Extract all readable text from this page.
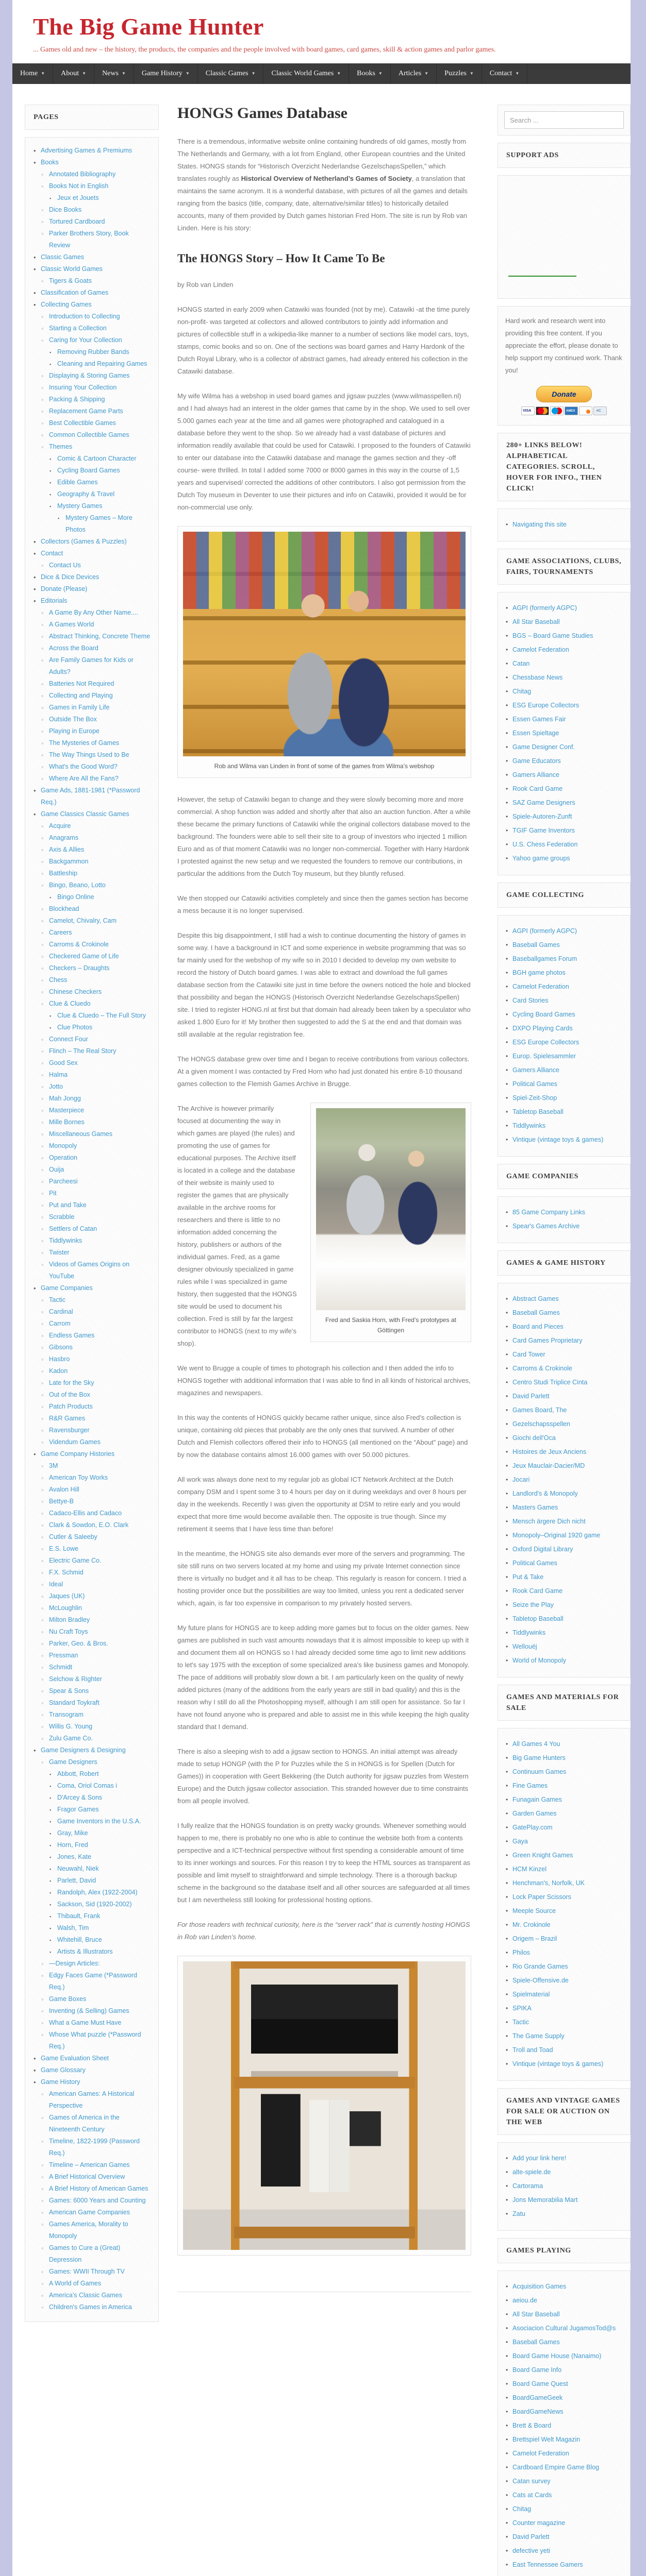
The Big Game Hunter
... Games old and new – the history, the products, the companies and the people involved with board games, card games, skill & action games and parlor games.
Home ▼ About ▼ News ▼ Game History ▼ Classic Games ▼ Classic World Games ▼ Books ▼ Articles ▼ Puzzles ▼ Contact ▼
PAGES
• Advertising Games & Premiums
• Books
◦ Annotated Bibliography
◦ Books Not in English
▪ Jeux et Jouets
◦ Dice Books
◦ Tortured Cardboard
◦ Parker Brothers Story, Book Review
• Classic Games
• Classic World Games
◦ Tigers & Goats
• Classification of Games
• Collecting Games
◦ Introduction to Collecting
◦ Starting a Collection
◦ Caring for Your Collection
▪ Removing Rubber Bands
▪ Cleaning and Repairing Games
◦ Displaying & Storing Games
◦ Insuring Your Collection
◦ Packing & Shipping
◦ Replacement Game Parts
◦ Best Collectible Games
◦ Common Collectible Games
◦ Themes
▪ Comic & Cartoon Character
▪ Cycling Board Games
▪ Edible Games
▪ Geography & Travel
▪ Mystery Games
▪ Mystery Games – More Photos
• Collectors (Games & Puzzles)
• Contact
◦ Contact Us
• Dice & Dice Devices
• Donate (Please)
• Editorials
◦ A Game By Any Other Name....
◦ A Games World
◦ Abstract Thinking, Concrete Theme
◦ Across the Board
◦ Are Family Games for Kids or Adults?
◦ Batteries Not Required
◦ Collecting and Playing
◦ Games in Family Life
◦ Outside The Box
◦ Playing in Europe
◦ The Mysteries of Games
◦ The Way Things Used to Be
◦ What's the Good Word?
◦ Where Are All the Fans?
• Game Ads, 1881-1981 (*Password Req.)
• Game Classics Classic Games
◦ Acquire
◦ Anagrams
◦ Axis & Allies
◦ Backgammon
◦ Battleship
◦ Bingo, Beano, Lotto
▪ Bingo Online
◦ Blockhead
◦ Camelot, Chivalry, Cam
◦ Careers
◦ Carroms & Crokinole
◦ Checkered Game of Life
◦ Checkers – Draughts
◦ Chess
◦ Chinese Checkers
◦ Clue & Cluedo
▪ Clue & Cluedo – The Full Story
▪ Clue Photos
◦ Connect Four
◦ Flinch – The Real Story
◦ Good Sex
◦ Halma
◦ Jotto
◦ Mah Jongg
◦ Masterpiece
◦ Mille Bornes
◦ Miscellaneous Games
◦ Monopoly
◦ Operation
◦ Ouija
◦ Parcheesi
◦ Pit
◦ Put and Take
◦ Scrabble
◦ Settlers of Catan
◦ Tiddlywinks
◦ Twister
◦ Videos of Games Origins on YouTube
• Game Companies
◦ Tactic
◦ Cardinal
◦ Carrom
◦ Endless Games
◦ Gibsons
◦ Hasbro
◦ Kadon
◦ Late for the Sky
◦ Out of the Box
◦ Patch Products
◦ R&R Games
◦ Ravensburger
◦ Videndum Games
• Game Company Histories
◦ 3M
◦ American Toy Works
◦ Avalon Hill
◦ Bettye-B
◦ Cadaco-Ellis and Cadaco
◦ Clark & Sowdon, E.O. Clark
◦ Cutler & Saleeby
◦ E.S. Lowe
◦ Electric Game Co.
◦ F.X. Schmid
◦ Ideal
◦ Jaques (UK)
◦ McLoughlin
◦ Milton Bradley
◦ Nu Craft Toys
◦ Parker, Geo. & Bros.
◦ Pressman
◦ Schmidt
◦ Selchow & Righter
◦ Spear & Sons
◦ Standard Toykraft
◦ Transogram
◦ Willis G. Young
◦ Zulu Game Co.
• Game Designers & Designing
◦ Game Designers
▪ Abbott, Robert
▪ Coma, Oriol Comas i
▪ D'Arcey & Sons
▪ Fragor Games
▪ Game Inventors in the U.S.A.
▪ Gray, Mike
▪ Horn, Fred
▪ Jones, Kate
▪ Neuwahl, Niek
▪ Parlett, David
▪ Randolph, Alex (1922-2004)
▪ Sackson, Sid (1920-2002)
▪ Thibault, Frank
▪ Walsh, Tim
▪ Whitehill, Bruce
▪ Artists & Illustrators
◦ —Design Articles:
◦ Edgy Faces Game (*Password Req.)
◦ Game Boxes
◦ Inventing (& Selling) Games
◦ What a Game Must Have
◦ Whose What puzzle (*Password Req.)
• Game Evaluation Sheet
• Game Glossary
• Game History
◦ American Games: A Historical Perspective
◦ Games of America in the Nineteenth Century
◦ Timeline, 1822-1999 (Password Req.)
◦ Timeline – American Games
◦ A Brief Historical Overview
◦ A Brief History of American Games
◦ Games: 6000 Years and Counting
◦ American Game Companies
◦ Games America, Morality to Monopoly
◦ Games to Cure a (Great) Depression
◦ Games: WWII Through TV
◦ A World of Games
◦ America's Classic Games
◦ Children's Games in America
HONGS Games Database

There is a tremendous, informative website online containing hundreds of old games, mostly from The Netherlands and Germany, with a lot from England, other European countries and the United States. HONGS stands for “Historisch Overzicht Nederlandse GezelschapsSpellen,” which translates roughly as Historical Overview of Netherland’s Games of Society, a translation that maintains the same acronym. It is a wonderful database, with pictures of all the games and details ranging from the basics (title, company, date, alternative/similar titles) to historically detailed accounts, many of them provided by Dutch games historian Fred Horn. The site is run by Rob van Linden. Here is his story:

The HONGS Story – How It Came To Be

by Rob van Linden

HONGS started in early 2009 when Catawiki was founded (not by me). Catawiki -at the time purely non-profit- was targeted at collectors and allowed contributors to jointly add information and pictures of collectible stuff in a wikipedia-like manner to a number of sections like model cars, toys, stamps, comic books and so on. One of the sections was board games and Harry Hardonk of the Dutch Royal Library, who is a collector of abstract games, had already entered his collection in the Catawiki database.

My wife Wilma has a webshop in used board games and jigsaw puzzles (www.wilmasspellen.nl) and I had always had an interest in the older games that came by in the shop. We used to sell over 5.000 games each year at the time and all games were photographed and catalogued in a database before they went to the shop. So we already had a vast database of pictures and information readily available that could be used for Catawiki. I proposed to the founders of Catawiki to enter our database into the Catawiki database and manage the games section and they -off course- were thrilled. In total I added some 7000 or 8000 games in this way in the course of 1,5 years and supervised/ corrected the additions of other contributors. I also got permission from the Dutch Toy museum in Deventer to use their pictures and info on Catawiki, provided it would be for non-commercial use only.

Rob and Wilma van Linden in front of some of the games from Wilma’s webshop

However, the setup of Catawiki began to change and they were slowly becoming more and more commercial. A shop function was added and shortly after that also an auction function. After a while these became the primary functions of Catawiki while the original collectors database moved to the background. The founders were able to sell their site to a group of investors who injected 1 million Euro and as of that moment Catawiki was no longer non-commercial. Together with Harry Hardonk I protested against the new setup and we requested the founders to remove our contributions, in particular the additions from the Dutch Toy museum, but they bluntly refused.

We then stopped our Catawiki activities completely and since then the games section has become a mess because it is no longer supervised.

Despite this big disappointment, I still had a wish to continue documenting the history of games in some way. I have a background in ICT and some experience in website programming that was so far mainly used for the webshop of my wife so in 2010 I decided to develop my own website to record the history of Dutch board games. I was able to extract and download the full games database section from the Catawiki site just in time before the owners noticed the hole and blocked that possibility and began the HONGS (Historisch Overzicht Nederlandse GezelschapsSpellen) site. I tried to register HONG.nl at first but that domain had already been taken by a speculator who asked 1.800 Euro for it! My brother then suggested to add the S at the end and that domain was still available at the regular registration fee.

The HONGS database grew over time and I began to receive contributions from various collectors. At a given moment I was contacted by Fred Horn who had just donated his entire 8-10 thousand games collection to the Flemish Games Archive in Brugge.

Fred and Saskia Horn, with Fred’s prototypes at Göttingen

The Archive is however primarily focused at documenting the way in which games are played (the rules) and promoting the use of games for educational purposes. The Archive itself is located in a college and the database of their website is mainly used to register the games that are physically available in the archive rooms for researchers and there is little to no information added concerning the history, publishers or authors of the individual games. Fred, as a game designer obviously specialized in game rules while I was specialized in game history, then suggested that the HONGS site would be used to document his collection. Fred is still by far the largest contributor to HONGS (next to my wife’s shop).

We went to Brugge a couple of times to photograph his collection and I then added the info to HONGS together with additional information that I was able to find in all kinds of historical archives, magazines and newspapers.

In this way the contents of HONGS quickly became rather unique, since also Fred’s collection is unique, containing old pieces that probably are the only ones that survived. A number of other Dutch and Flemish collectors offered their info to HONGS (all mentioned on the “About” page) and by now the database contains almost 16.000 games with over 50.000 pictures.

All work was always done next to my regular job as global ICT Network Architect at the Dutch company DSM and I spent some 3 to 4 hours per day on it during weekdays and over 8 hours per day in the weekends. Recently I was given the opportunity at DSM to retire early and you would expect that more time would become available then. The opposite is true though. Since my retirement it seems that I have less time than before!

In the meantime, the HONGS site also demands ever more of the servers and programming. The site still runs on two servers located at my home and using my private Internet connection since there is virtually no budget and it all has to be cheap. This regularly is reason for concern. I tried a hosting provider once but the possibilities are way too limited, unless you rent a dedicated server which, again, is far too expensive in comparison to my privately hosted servers.

My future plans for HONGS are to keep adding more games but to focus on the older games. New games are published in such vast amounts nowadays that it is almost impossible to keep up with it and document them all on HONGS so I had already decided some time ago to limit new additions to let's say 1975 with the exception of some specialized area's like business games and Monopoly. The pace of additions will probably slow down a bit. I am particularly keen on the quality of newly added pictures (many of the additions from the early years are still in bad quality) and this is the reason why I still do all the Photoshopping myself, although I am still open for assistance. So far I have not found anyone who is prepared and able to assist me in this while keeping the high quality standard that I demand.

There is also a sleeping wish to add a jigsaw section to HONGS. An initial attempt was already made to setup HONGP (with the P for Puzzles while the S in HONGS is for Spellen (Dutch for Games)) in cooperation with Geert Bekkering (the Dutch authority for jigsaw puzzles from Western Europe) and the Dutch jigsaw collector association. This stranded however due to time constraints from all people involved.

I fully realize that the HONGS foundation is on pretty wacky grounds. Whenever something would happen to me, there is probably no one who is able to continue the website both from a contents perspective and a ICT-technical perspective without first spending a considerable amount of time to its inner workings and sources. For this reason I try to keep the HTML sources as transparent as possible and limit myself to straightforward and simple technology. There is a thorough backup scheme in the background so the database itself and all other sources are safeguarded at all times but I am nevertheless still looking for professional hosting options.

For those readers with technical curiosity, here is the “server rack” that is currently hosting HONGS in Rob van Linden’s home.

Search ...
SUPPORT ADS
Hard work and research went into providing this free content. If you appreciate the effort, please donate to help support my continued work. Thank you!
Donate
VISAAMEXeC
280+ LINKS BELOW! ALPHABETICAL CATEGORIES. SCROLL, HOVER FOR INFO., THEN CLICK!
• Navigating this site
GAME ASSOCIATIONS, CLUBS, FAIRS, TOURNAMENTS
• AGPI (formerly AGPC)
• All Star Baseball
• BGS – Board Game Studies
• Camelot Federation
• Catan
• Chessbase News
• Chitag
• ESG Europe Collectors
• Essen Games Fair
• Essen Spieltage
• Game Designer Conf.
• Game Educators
• Gamers Alliance
• Rook Card Game
• SAZ Game Designers
• Spiele-Autoren-Zunft
• TGIF Game Inventors
• U.S. Chess Federation
• Yahoo game groups
GAME COLLECTING
• AGPI (formerly AGPC)
• Baseball Games
• Baseballgames Forum
• BGH game photos
• Camelot Federation
• Card Stories
• Cycling Board Games
• DXPO Playing Cards
• ESG Europe Collectors
• Europ. Spielesammler
• Gamers Alliance
• Political Games
• Spiel-Zeit-Shop
• Tabletop Baseball
• Tiddlywinks
• Vintique (vintage toys & games)
GAME COMPANIES
• 85 Game Company Links
• Spear's Games Archive
GAMES & GAME HISTORY
• Abstract Games
• Baseball Games
• Board and Pieces
• Card Games Proprietary
• Card Tower
• Carroms & Crokinole
• Centro Studi Triplice Cinta
• David Parlett
• Games Board, The
• Gezelschapsspellen
• Giochi dell'Oca
• Histoires de Jeux Anciens
• Jeux Mauclair-Dacier/MD
• Jocari
• Landlord's & Monopoly
• Masters Games
• Mensch ärgere Dich nicht
• Monopoly–Original 1920 game
• Oxford Digital Library
• Political Games
• Put & Take
• Rook Card Game
• Seize the Play
• Tabletop Baseball
• Tiddlywinks
• Wellouëj
• World of Monopoly
GAMES AND MATERIALS FOR SALE
• All Games 4 You
• Big Game Hunters
• Continuum Games
• Fine Games
• Funagain Games
• Garden Games
• GatePlay.com
• Gaya
• Green Knight Games
• HCM Kinzel
• Henchman's, Norfolk, UK
• Lock Paper Scissors
• Meeple Source
• Mr. Crokinole
• Origem – Brazil
• Philos
• Rio Grande Games
• Spiele-Offensive.de
• Spielmaterial
• SPIKA
• Tactic
• The Game Supply
• Troll and Toad
• Vintique (vintage toys & games)
GAMES AND VINTAGE GAMES FOR SALE OR AUCTION ON THE WEB
• Add your link here!
• alte-spiele.de
• Cartorama
• Jons Memorabilia Mart
• Zatu
GAMES PLAYING
• Acquisition Games
• aeiou.de
• All Star Baseball
• Asociacion Cultural JugamosTod@s
• Baseball Games
• Board Game House (Nanaimo)
• Board Game Info
• Board Game Quest
• BoardGameGeek
• BoardGameNews
• Brett & Board
• Brettspiel Welt Magazin
• Camelot Federation
• Cardboard Empire Game Blog
• Catan survey
• Cats at Cards
• Chitag
• Counter magazine
• David Parlett
• defective yeti
• East Tennessee Gamers
